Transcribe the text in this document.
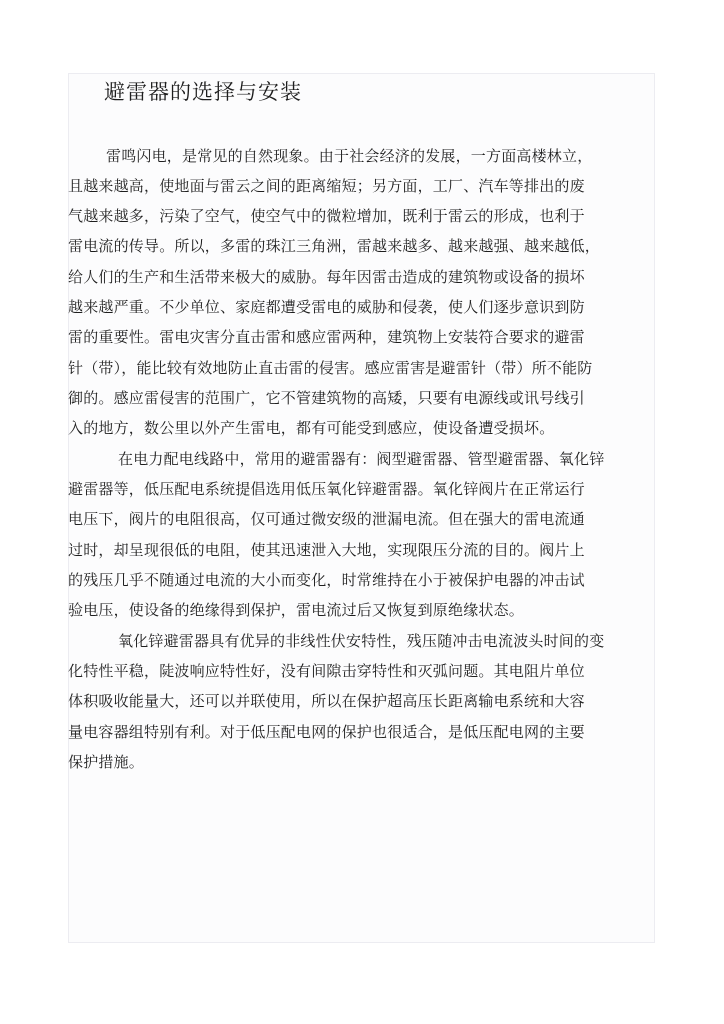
避雷器的选择与安装
雷鸣闪电，是常见的自然现象。由于社会经济的发展，一方面高楼林立，
且越来越高，使地面与雷云之间的距离缩短；另方面，工厂、汽车等排出的废
气越来越多，污染了空气，使空气中的微粒增加，既利于雷云的形成，也利于
雷电流的传导。所以，多雷的珠江三角洲，雷越来越多、越来越强、越来越低，
给人们的生产和生活带来极大的威胁。每年因雷击造成的建筑物或设备的损坏
越来越严重。不少单位、家庭都遭受雷电的威胁和侵袭，使人们逐步意识到防
雷的重要性。雷电灾害分直击雷和感应雷两种，建筑物上安装符合要求的避雷
针（带），能比较有效地防止直击雷的侵害。感应雷害是避雷针（带）所不能防
御的。感应雷侵害的范围广，它不管建筑物的高矮，只要有电源线或讯号线引
入的地方，数公里以外产生雷电，都有可能受到感应，使设备遭受损坏。
在电力配电线路中，常用的避雷器有：阀型避雷器、管型避雷器、氧化锌
避雷器等，低压配电系统提倡选用低压氧化锌避雷器。氧化锌阀片在正常运行
电压下，阀片的电阻很高，仅可通过微安级的泄漏电流。但在强大的雷电流通
过时，却呈现很低的电阻，使其迅速泄入大地，实现限压分流的目的。阀片上
的残压几乎不随通过电流的大小而变化，时常维持在小于被保护电器的冲击试
验电压，使设备的绝缘得到保护，雷电流过后又恢复到原绝缘状态。
氧化锌避雷器具有优异的非线性伏安特性，残压随冲击电流波头时间的变
化特性平稳，陡波响应特性好，没有间隙击穿特性和灭弧问题。其电阻片单位
体积吸收能量大，还可以并联使用，所以在保护超高压长距离输电系统和大容
量电容器组特别有利。对于低压配电网的保护也很适合，是低压配电网的主要
保护措施。
